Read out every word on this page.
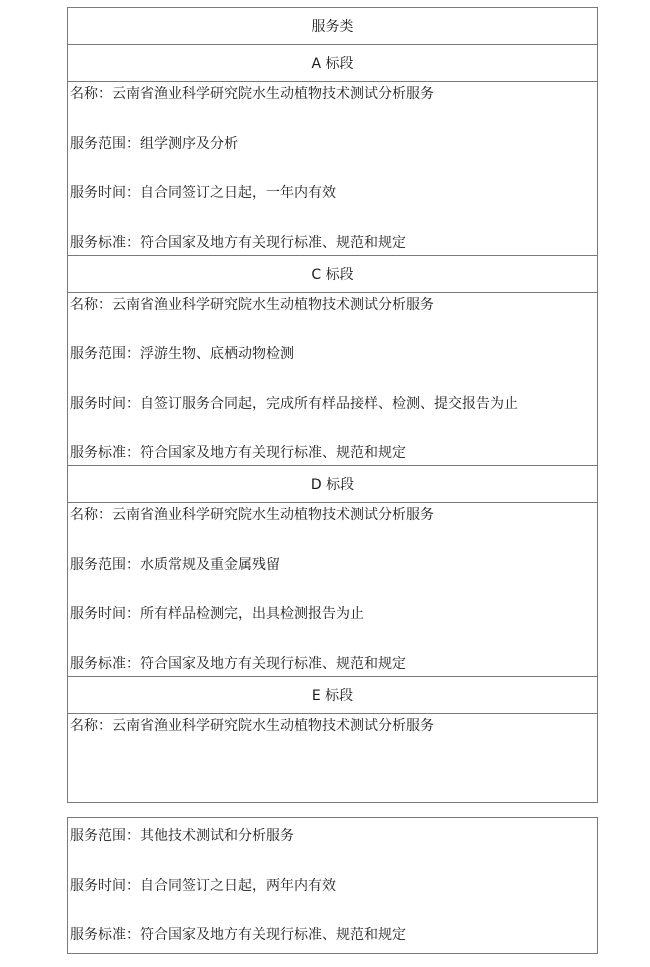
服务类
A 标段
名称：云南省渔业科学研究院水生动植物技术测试分析服务
服务范围：组学测序及分析
服务时间：自合同签订之日起，一年内有效
服务标准：符合国家及地方有关现行标准、规范和规定
C 标段
名称：云南省渔业科学研究院水生动植物技术测试分析服务
服务范围：浮游生物、底栖动物检测
服务时间：自签订服务合同起，完成所有样品接样、检测、提交报告为止
服务标准：符合国家及地方有关现行标准、规范和规定
D 标段
名称：云南省渔业科学研究院水生动植物技术测试分析服务
服务范围：水质常规及重金属残留
服务时间：所有样品检测完，出具检测报告为止
服务标准：符合国家及地方有关现行标准、规范和规定
E 标段
名称：云南省渔业科学研究院水生动植物技术测试分析服务
服务范围：其他技术测试和分析服务
服务时间：自合同签订之日起，两年内有效
服务标准：符合国家及地方有关现行标准、规范和规定
